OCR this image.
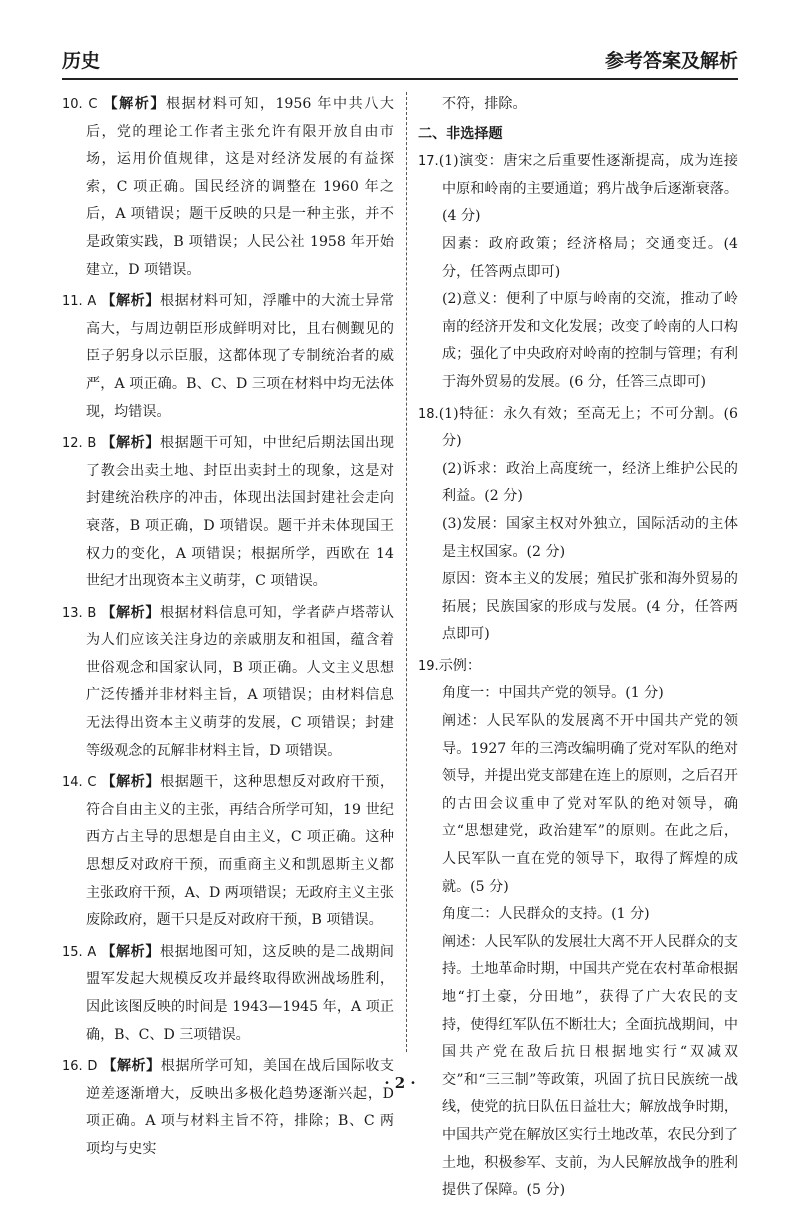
历史	参考答案及解析
10. C 【解析】根据材料可知，1956 年中共八大后，党的理论工作者主张允许有限开放自由市场，运用价值规律，这是对经济发展的有益探索，C 项正确。国民经济的调整在 1960 年之后，A 项错误；题干反映的只是一种主张，并不是政策实践，B 项错误；人民公社 1958 年开始建立，D 项错误。
11. A 【解析】根据材料可知，浮雕中的大流士异常高大，与周边朝臣形成鲜明对比，且右侧觐见的臣子躬身以示臣服，这都体现了专制统治者的威严，A 项正确。B、C、D 三项在材料中均无法体现，均错误。
12. B 【解析】根据题干可知，中世纪后期法国出现了教会出卖土地、封臣出卖封土的现象，这是对封建统治秩序的冲击，体现出法国封建社会走向衰落，B 项正确，D 项错误。题干并未体现国王权力的变化，A 项错误；根据所学，西欧在 14 世纪才出现资本主义萌芽，C 项错误。
13. B 【解析】根据材料信息可知，学者萨卢塔蒂认为人们应该关注身边的亲戚朋友和祖国，蕴含着世俗观念和国家认同，B 项正确。人文主义思想广泛传播并非材料主旨，A 项错误；由材料信息无法得出资本主义萌芽的发展，C 项错误；封建等级观念的瓦解非材料主旨，D 项错误。
14. C 【解析】根据题干，这种思想反对政府干预，符合自由主义的主张，再结合所学可知，19 世纪西方占主导的思想是自由主义，C 项正确。这种思想反对政府干预，而重商主义和凯恩斯主义都主张政府干预，A、D 两项错误；无政府主义主张废除政府，题干只是反对政府干预，B 项错误。
15. A 【解析】根据地图可知，这反映的是二战期间盟军发起大规模反攻并最终取得欧洲战场胜利，因此该图反映的时间是 1943—1945 年，A 项正确，B、C、D 三项错误。
16. D 【解析】根据所学可知，美国在战后国际收支逆差逐渐增大，反映出多极化趋势逐渐兴起，D 项正确。A 项与材料主旨不符，排除；B、C 两项均与史实
不符，排除。
二、非选择题
17.(1)演变：唐宋之后重要性逐渐提高，成为连接中原和岭南的主要通道；鸦片战争后逐渐衰落。(4 分)
因素：政府政策；经济格局；交通变迁。(4 分，任答两点即可)
(2)意义：便利了中原与岭南的交流，推动了岭南的经济开发和文化发展；改变了岭南的人口构成；强化了中央政府对岭南的控制与管理；有利于海外贸易的发展。(6 分，任答三点即可)
18.(1)特征：永久有效；至高无上；不可分割。(6 分)
(2)诉求：政治上高度统一，经济上维护公民的利益。(2 分)
(3)发展：国家主权对外独立，国际活动的主体是主权国家。(2 分)
原因：资本主义的发展；殖民扩张和海外贸易的拓展；民族国家的形成与发展。(4 分，任答两点即可)
19.示例：
角度一：中国共产党的领导。(1 分)
阐述：人民军队的发展离不开中国共产党的领导。1927 年的三湾改编明确了党对军队的绝对领导，并提出党支部建在连上的原则，之后召开的古田会议重申了党对军队的绝对领导，确立“思想建党，政治建军”的原则。在此之后，人民军队一直在党的领导下，取得了辉煌的成就。(5 分)
角度二：人民群众的支持。(1 分)
阐述：人民军队的发展壮大离不开人民群众的支持。土地革命时期，中国共产党在农村革命根据地“打土豪，分田地”，获得了广大农民的支持，使得红军队伍不断壮大；全面抗战期间，中国共产党在敌后抗日根据地实行“双减双交”和“三三制”等政策，巩固了抗日民族统一战线，使党的抗日队伍日益壮大；解放战争时期，中国共产党在解放区实行土地改革，农民分到了土地，积极参军、支前，为人民解放战争的胜利提供了保障。(5 分)
· 2 ·
